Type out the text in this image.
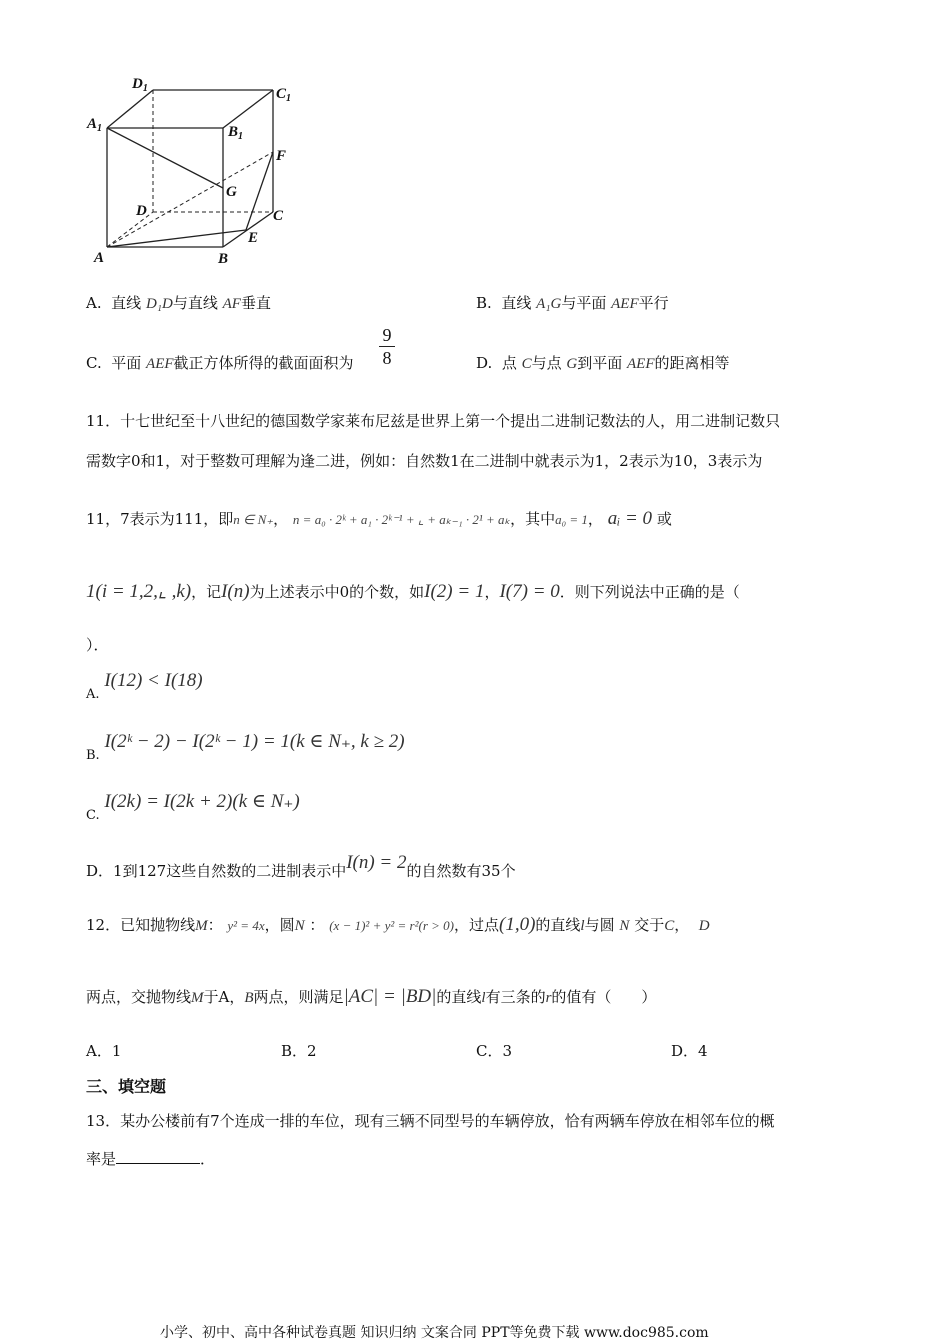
$D_1$	$C_1$
$A_1$	$B_1$
F
G
D	C
E
A	B
A. 直线 D₁D与直线 AF垂直	B. 直线 A₁G与平面 AEF平行
C. 平面 AEF截正方体所得的截面面积为
9
8	D. 点 C与点 G到平面 AEF的距离相等
11．十七世纪至十八世纪的德国数学家莱布尼兹是世界上第一个提出二进制记数法的人，用二进制记数只
需数字0和1，对于整数可理解为逢二进，例如：自然数1在二进制中就表示为1，2表示为10，3表示为
11，7表示为111，即n ∈ N₊， n = a₀ · 2ᵏ + a₁ · 2ᵏ⁻¹ + ⌞ + aₖ₋₁ · 2¹ + aₖ，其中a₀ = 1， aᵢ = 0 或
1(i = 1,2,⌞ ,k)，记I(n)为上述表示中0的个数，如I(2) = 1，I(7) = 0．则下列说法中正确的是（
）．
A. I(12) < I(18)
B. I(2ᵏ − 2) − I(2ᵏ − 1) = 1(k ∈ N₊, k ≥ 2)
C. I(2k) = I(2k + 2)(k ∈ N₊)
D．1到127这些自然数的二进制表示中I(n) = 2的自然数有35个
12．已知抛物线M： y² = 4x，圆N ： (x − 1)² + y² = r²(r > 0)，过点(1,0)的直线l与圆 N 交于C， D
两点，交抛物线M于A，B两点，则满足|AC| = |BD|的直线l有三条的r的值有（　　）
A．1	B．2	C．3	D．4
三、填空题
13．某办公楼前有7个连成一排的车位，现有三辆不同型号的车辆停放，恰有两辆车停放在相邻车位的概
率是	．
小学、初中、高中各种试卷真题 知识归纳 文案合同 PPT等免费下载 www.doc985.com
